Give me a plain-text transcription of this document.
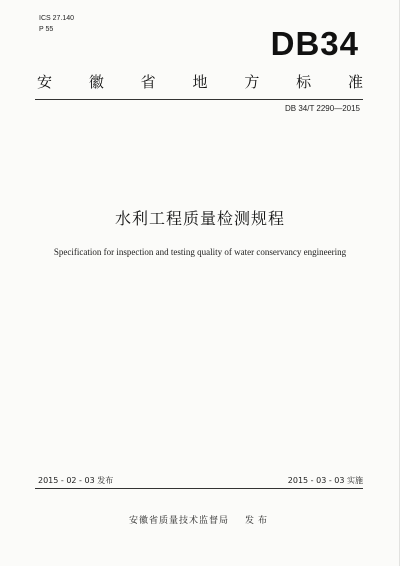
ICS 27.140
P 55	DB34
安 徽 省 地 方 标 准
DB 34/T 2290—2015
水利工程质量检测规程
Specification for inspection and testing quality of water conservancy engineering
2015 - 02 - 03 发布	2015 - 03 - 03 实施
安徽省质量技术监督局 发布
